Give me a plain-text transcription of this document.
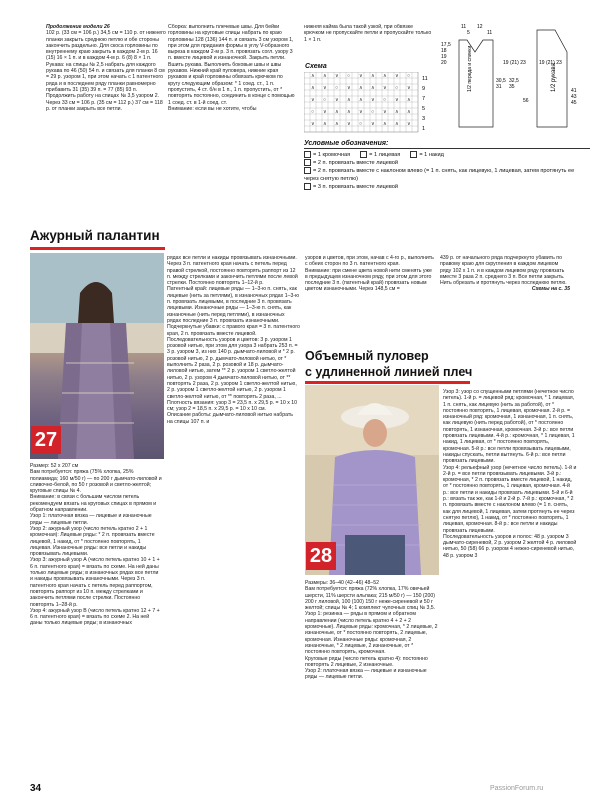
Продолжение модели 26

102 р. (33 см = 106 р.) 34,5 см = 110 р. от нижнего планки закрыть среднюю петлю и обе стороны закончить раздельно. Для скоса горловины по внутреннему краю закрыть в каждом 2-м р. 16 (15) 16 × 1 п. и в каждом 4-м р. 6 (8) 8 × 1 п.

Рукава: на спицы № 2,5 набрать для каждого рукава по 46 (50) 54 п. и связать для планки 8 см = 29 р. узором 1, при этом начать с 1 патентного ряда и в последнем ряду планки равномерно прибавить 31 (35) 39 п. = 77 (85) 93 п. Продолжить работу на спицах № 3,5 узором 2. Через 33 см = 106 р. (35 см = 112 р.) 37 см = 118 р. от планки закрыть все петли.

Сборка: выполнить плечевые швы. Для бейки горловины на круговые спицы набрать по краю горловины 128 (136) 144 п. и связать 3 см узором 1, при этом для придания формы в углу V-образного выреза в каждом 2-м р. 3 п. провязать согл. узору 3 п. вместе лицевой и изнаночной. Закрыть петли. Вшить рукава. Выполнить боковые швы и швы рукавов. Нижний край пуловера, нижние края рукавов и край горловины обвязать крючком по кругу следующим образом: * 1 соед. ст., 1 п. пропустить, 4 ст. б/н в 1 п., 1 п. пропустить, от * повторять постоянно, соединить в конце с помощью 1 соед. ст. в 1-й соед. ст.

Внимание: если вы не хотите, чтобы

нижняя кайма была такой узкой, при обвязке крючком не пропускайте петли и пропускайте только 1 × 1 п.

Схема
∧ ∧ ∨ ○ ∨ ∧ ∧ ∨ ○
∧ ∨ ○ ∨ ∧ ∧ ∨ ○ ∨
∨ ○ ∨ ∧ ∧ ∨ ○ ∨ ∧
○ ∨ ∧ ∧ ∨ ○ ∨ ∧ ∧
∨ ∧ ∧ ∨ ○ ∨ ∧ ∧ ∨
11
9
7
5
3
1
1/2 переда и спинки	1/2 рукава
11 12
5	11
17,5
18
19
20
30,5
31
32,5
35
19 (21) 23	19 (21) 23
56
41
43
45
Условные обозначения:
= 1 кромочная	= 1 лицевая	= 1 накид
= 2 п. провязать вместе лицевой
= 2 п. провязать вместе с наклоном влево (= 1 п. снять, как лицевую, 1 лицевая, затем протянуть ее через снятую петлю)
= 3 п. провязать вместе лицевой
Ажурный палантин
27

Размер: 52 х 207 см

Вам потребуется: пряжа (75% хлопка, 25% полиамида; 160 м/50 г) — по 200 г дымчато-лиловой и сливочно-белой, по 50 г розовой и светло-желтой; круговые спицы № 4.

Внимание: в связи с большим числом петель рекомендуем вязать на круговых спицах в прямом и обратном направлении.

Узор 1: платочная вязка — лицевые и изнаночные ряды — лицевые петли.

Узор 2: ажурный узор (число петель кратно 2 + 1 кромочная): Лицевые ряды: * 2 п. провязать вместе лицевой, 1 накид, от * постоянно повторять, 1 лицевая. Изнаночные ряды: все петли и накиды провязывать лицевыми.

Узор 3: ажурный узор А (число петель кратно 10 + 1 + 6 п. патентного края) = вязать по схеме. На ней даны только лицевые ряды; в изнаночных рядах все петли и накиды провязывать изнаночными. Через 3 п. патентного края начать с петель перед раппортом, повторять раппорт из 10 п. между стрелками и закончить петлями после стрелки. Постоянно повторять 1–28-й р.

Узор 4: ажурный узор В (число петель кратно 12 + 7 + 6 п. патентного края) = вязать по схеме 2. На ней даны только лицевые ряды; в изнаночных

рядах все петли и накиды провязывать изнаночными. Через 3 п. патентного края начать с петель перед правой стрелкой, постоянно повторять раппорт из 12 п. между стрелками и закончить петлями после левой стрелки. Постоянно повторять 1–12-й р.

Патентный край: лицевые ряды — 1–3-ю п. снять, как лицевые (нить за петлями), в изнаночных рядах 1–3-ю п. провязать лицевыми, в последние 3 п. провязать лицевыми. Изнаночные ряды — 1–3-ю п. снять, как изнаночные (нить перед петлями), в изнаночных рядах последние 3 п. провязать изнаночными.

Подчеркнутые убавки: с правого края = 3 п. патентного края, 2 п. провязать вместе лицевой.

Последовательность узоров и цветов: 3 р. узором 1 розовой нитью, при этом для узора 3 набрать 253 п. = 3 р. узором 3, из них 140 р. дымчато-лиловой и * 2 р. розовой нитью, 2 р. дымчато-лиловой нитью, от * выполнить 2 раза, 2 р. розовой и 18 р. дымчато-лиловой нитью, затем ** 2 р. узором 1 светло-желтой нитью, 2 р. узором 4 дымчато-лиловой нитью, от ** повторять 2 раза, 2 р. узором 1 светло-желтой нитью, 2 р. узором 1 светло-желтой нитью, 2 р. узором 1 светло-желтой нитью, от ** повторять 2 раза, ...

Плотность вязания: узор 3 = 23,5 п. x 29,5 р. = 10 х 10 см; узор 2 = 18,5 п. x 29,5 р. = 10 х 10 см.

Описание работы: дымчато-лиловой нитью набрать на спицы 107 п. и

узоров и цветов, при этом, начав с 4-го р., выполнить с обеих сторон по 3 п. патентного края.

Внимание: при смене цвета новой нити сменять уже в предыдущем изнаночном ряду, при этом для этого последние 3 п. (патентный край) провязать новым цветом изнаночными. Через 148,5 см =

439 р. от начального ряда подчеркнуто убавить по правому краю для скругления в каждом лицевом ряду 102 х 1 п. и в каждом лицевом ряду провязать вместе 3 раза 2 п. среднего 3 п. Все петли закрыть. Нить обрезать и протянуть через последнюю петлю.

Схемы на с. 35

Объемный пуловер
с удлиненной линией плеч
28

Размеры: 36–40 (42–46) 48–52

Вам потребуется: пряжа (72% хлопка, 17% овечьей шерсти, 11% шерсти альпака; 215 м/50 г) — 150 (200) 200 г лиловой, 100 (100) 150 г неже-сиреневой и 50 г желтой; спицы № 4; 1 комплект чулочных спиц № 3,5.

Узор 1: резинка — ряды в прямом и обратном направлении (число петель кратно 4 + 2 + 2 кромочные). Лицевые ряды: кромочная, * 2 лицевые, 2 изнаночные, от * постоянно повторять, 2 лицевые, кромочная. Изнаночные ряды: кромочная, 2 изнаночные, * 2 лицевые, 2 изнаночные, от * постоянно повторять, кромочная.

Круговые ряды (число петель кратно 4): постоянно повторять 2 лицевые, 2 изнаночные.

Узор 2: платочная вязка — лицевые и изнаночные ряды — лицевые петли.

Узор 3: узор со спущенными петлями (нечетное число петель). 1-й р. = лицевой ряд: кромочная, * 1 лицевая, 1 п. снять, как лицевую (нить за работой), от * постоянно повторять, 1 лицевая, кромочная. 2-й р. = изнаночный ряд: кромочная, 1 изнаночная, 1 п. снять, как лицевую (нить перед работой), от * постоянно повторять, 1 изнаночная, кромочная. 3-й р.: все петли провязать лицевыми. 4-й р.: кромочная, * 1 лицевая, 1 накид, 1 лицевая, от * постоянно повторять, кромочная. 5-й р.: все петли провязывать лицевыми, накиды спускать, петли вытянуть. 6-й р.: все петли провязать лицевыми.

Узор 4: рельефный узор (нечетное число петель). 1-й и 2-й р. = все петли провязывать лицевыми. 3-й р.: кромочная, * 2 п. провязать вместе лицевой, 1 накид, от * постоянно повторять, 1 лицевая, кромочная. 4-й р.: все петли и накиды провязать лицевыми. 5-й и 6-й р.: вязать так же, как 1-й и 2-й р. 7-й р.: кромочная, * 2 п. провязать вместе с наклоном влево (= 1 п. снять, как для лицевой, 1 лицевая, затем протянуть ее через снятую петлю), 1 накид, от * постоянно повторять, 1 лицевая, кромочная. 8-й р.: все петли и накиды провязать лицевыми.

Последовательность узоров и полос: 48 р. узором 3 дымчато-сиреневой, 2 р. узором 2 желтой 4 р. лиловой нитью, 50 (58) 66 р. узором 4 нежно-сиреневой нитью, 48 р. узором 3

34	PassionForum.ru
